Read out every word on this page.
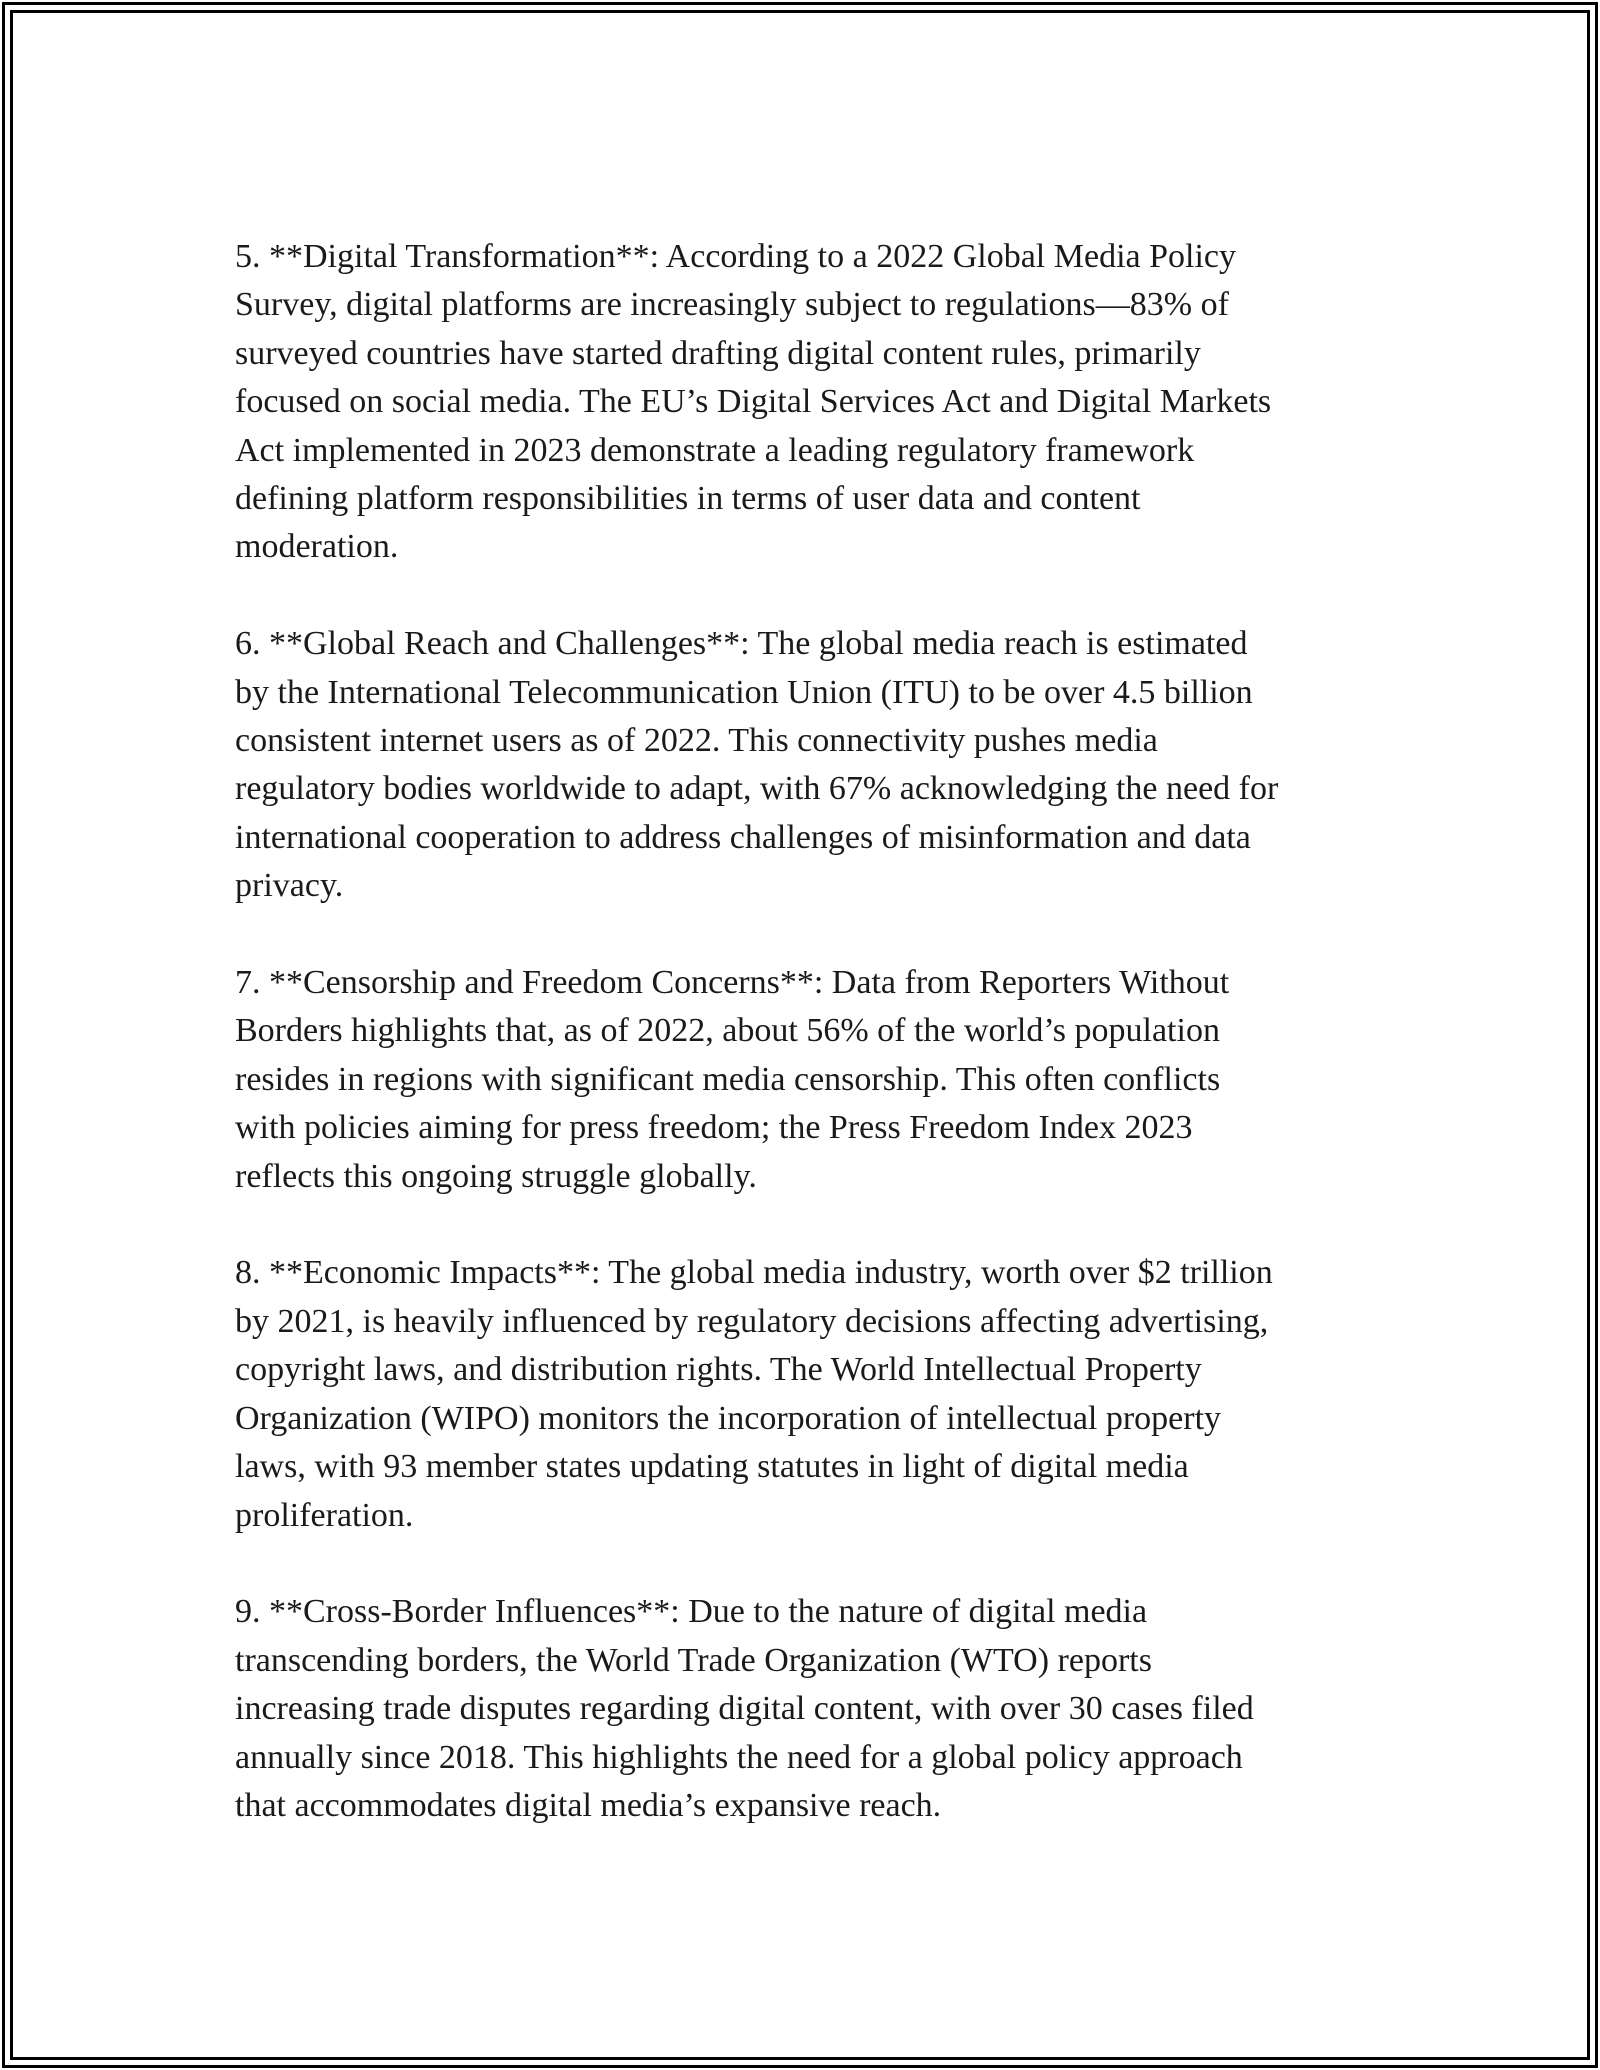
5. **Digital Transformation**: According to a 2022 Global Media Policy
Survey, digital platforms are increasingly subject to regulations—83% of
surveyed countries have started drafting digital content rules, primarily
focused on social media. The EU’s Digital Services Act and Digital Markets
Act implemented in 2023 demonstrate a leading regulatory framework
defining platform responsibilities in terms of user data and content
moderation.

6. **Global Reach and Challenges**: The global media reach is estimated
by the International Telecommunication Union (ITU) to be over 4.5 billion
consistent internet users as of 2022. This connectivity pushes media
regulatory bodies worldwide to adapt, with 67% acknowledging the need for
international cooperation to address challenges of misinformation and data
privacy.

7. **Censorship and Freedom Concerns**: Data from Reporters Without
Borders highlights that, as of 2022, about 56% of the world’s population
resides in regions with significant media censorship. This often conflicts
with policies aiming for press freedom; the Press Freedom Index 2023
reflects this ongoing struggle globally.

8. **Economic Impacts**: The global media industry, worth over $2 trillion
by 2021, is heavily influenced by regulatory decisions affecting advertising,
copyright laws, and distribution rights. The World Intellectual Property
Organization (WIPO) monitors the incorporation of intellectual property
laws, with 93 member states updating statutes in light of digital media
proliferation.

9. **Cross-Border Influences**: Due to the nature of digital media
transcending borders, the World Trade Organization (WTO) reports
increasing trade disputes regarding digital content, with over 30 cases filed
annually since 2018. This highlights the need for a global policy approach
that accommodates digital media’s expansive reach.
